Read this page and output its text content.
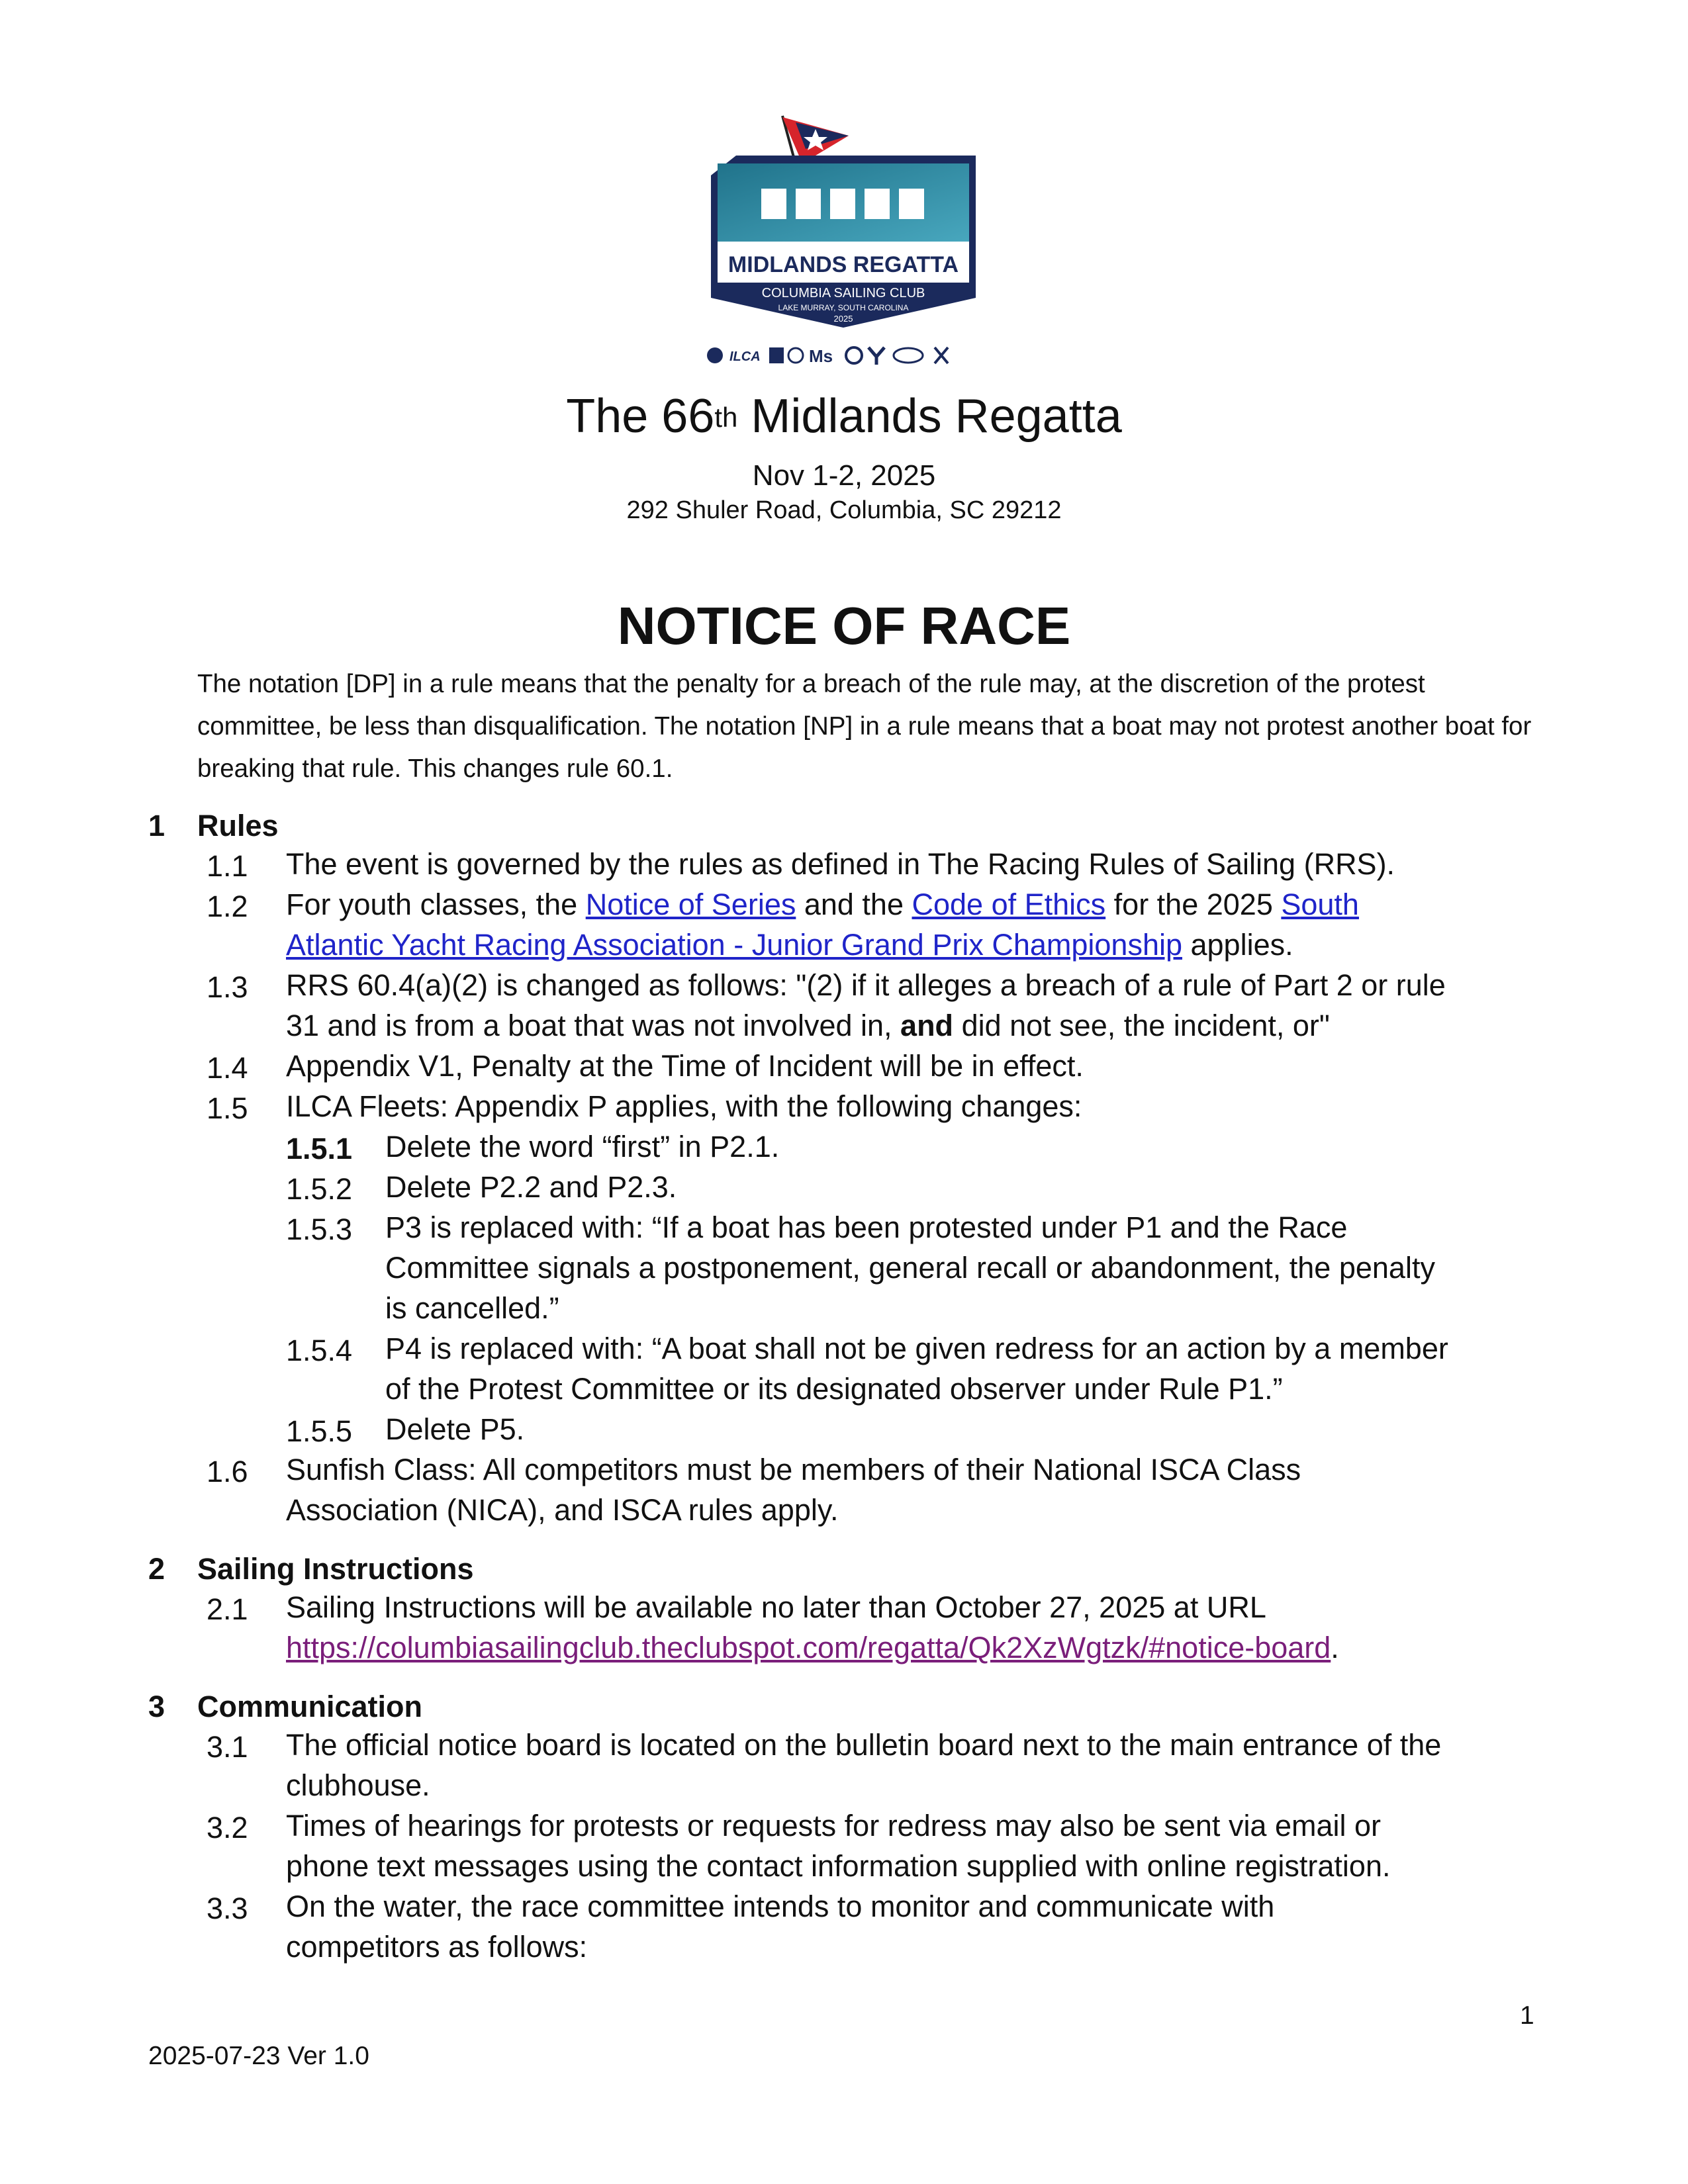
MIDLANDS REGATTA
COLUMBIA SAILING CLUB
LAKE MURRAY, SOUTH CAROLINA
2025
ILCA	Ms
The 66th Midlands Regatta
Nov 1-2, 2025
292 Shuler Road, Columbia, SC 29212
NOTICE OF RACE
The notation [DP] in a rule means that the penalty for a breach of the rule may, at the discretion of the protest committee, be less than disqualification. The notation [NP] in a rule means that a boat may not protest another boat for breaking that rule. This changes rule 60.1.
1 Rules
1.1 The event is governed by the rules as defined in The Racing Rules of Sailing (RRS).
1.2 For youth classes, the Notice of Series and the Code of Ethics for the 2025 South
Atlantic Yacht Racing Association - Junior Grand Prix Championship applies.
1.3 RRS 60.4(a)(2) is changed as follows: "(2) if it alleges a breach of a rule of Part 2 or rule
31 and is from a boat that was not involved in, and did not see, the incident, or"
1.4 Appendix V1, Penalty at the Time of Incident will be in effect.
1.5 ILCA Fleets: Appendix P applies, with the following changes:
1.5.1 Delete the word “first” in P2.1.
1.5.2 Delete P2.2 and P2.3.
1.5.3 P3 is replaced with: “If a boat has been protested under P1 and the Race
Committee signals a postponement, general recall or abandonment, the penalty
is cancelled.”
1.5.4 P4 is replaced with: “A boat shall not be given redress for an action by a member
of the Protest Committee or its designated observer under Rule P1.”
1.5.5 Delete P5.
1.6 Sunfish Class: All competitors must be members of their National ISCA Class
Association (NICA), and ISCA rules apply.
2 Sailing Instructions
2.1 Sailing Instructions will be available no later than October 27, 2025 at URL
https://columbiasailingclub.theclubspot.com/regatta/Qk2XzWgtzk/#notice-board.
3 Communication
3.1 The official notice board is located on the bulletin board next to the main entrance of the
clubhouse.
3.2 Times of hearings for protests or requests for redress may also be sent via email or
phone text messages using the contact information supplied with online registration.
3.3 On the water, the race committee intends to monitor and communicate with
competitors as follows:
1
2025-07-23 Ver 1.0
